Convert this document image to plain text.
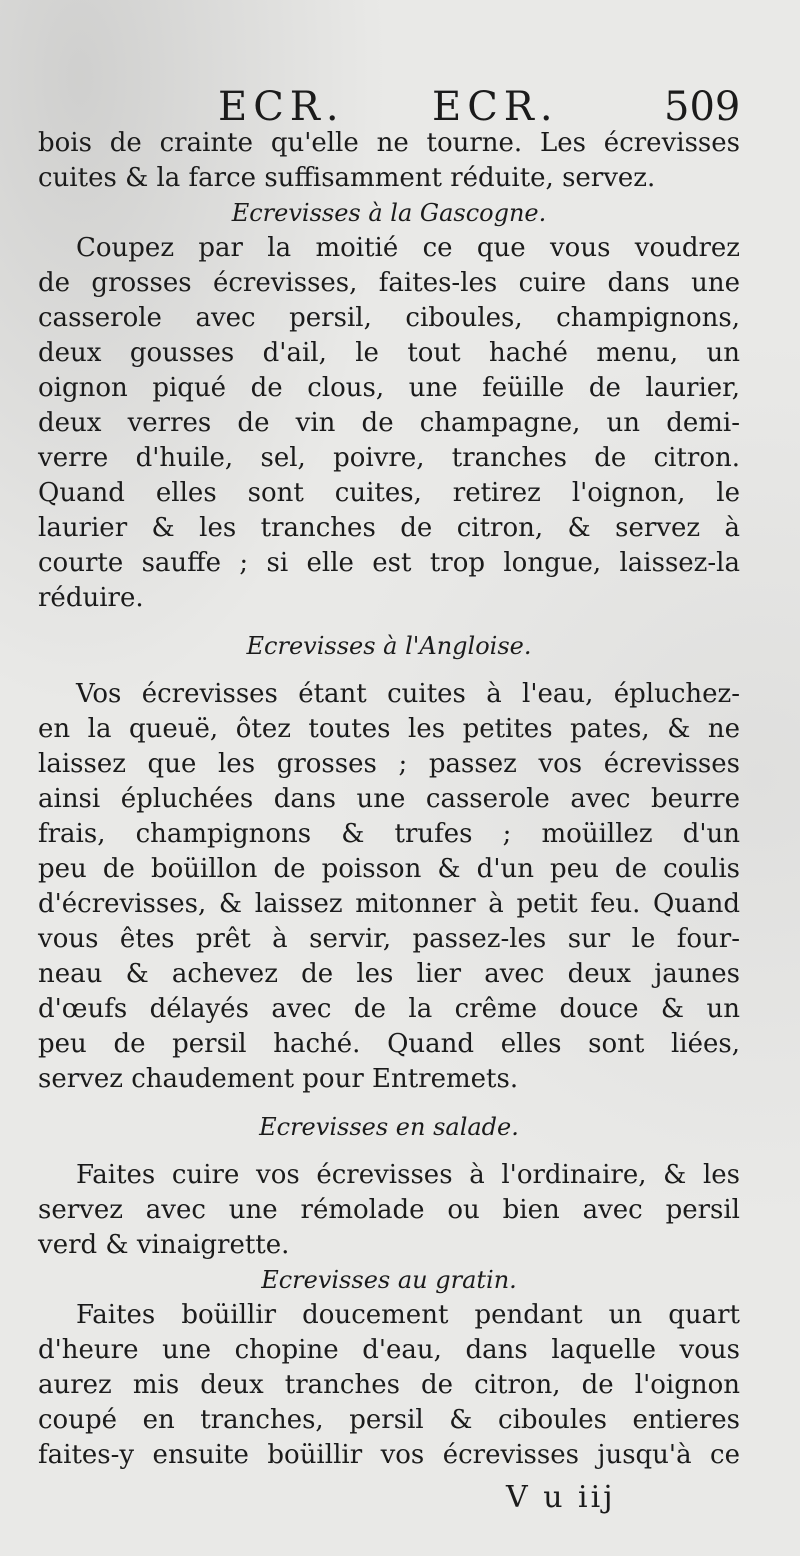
ECR. ECR.	509
bois de crainte qu'elle ne tourne. Les écrevisses
cuites & la farce suffisamment réduite, servez.
Ecrevisses à la Gascogne.
Coupez par la moitié ce que vous voudrez
de grosses écrevisses, faites-les cuire dans une
casserole avec persil, ciboules, champignons,
deux gousses d'ail, le tout haché menu, un
oignon piqué de clous, une feüille de laurier,
deux verres de vin de champagne, un demi-
verre d'huile, sel, poivre, tranches de citron.
Quand elles sont cuites, retirez l'oignon, le
laurier & les tranches de citron, & servez à
courte sauffe ; si elle est trop longue, laissez-la
réduire.
Ecrevisses à l'Angloise.
Vos écrevisses étant cuites à l'eau, épluchez-
en la queuë, ôtez toutes les petites pates, & ne
laissez que les grosses ; passez vos écrevisses
ainsi épluchées dans une casserole avec beurre
frais, champignons & trufes ; moüillez d'un
peu de boüillon de poisson & d'un peu de coulis
d'écrevisses, & laissez mitonner à petit feu. Quand
vous êtes prêt à servir, passez-les sur le four-
neau & achevez de les lier avec deux jaunes
d'œufs délayés avec de la crême douce & un
peu de persil haché. Quand elles sont liées,
servez chaudement pour Entremets.
Ecrevisses en salade.
Faites cuire vos écrevisses à l'ordinaire, & les
servez avec une rémolade ou bien avec persil
verd & vinaigrette.
Ecrevisses au gratin.
Faites boüillir doucement pendant un quart
d'heure une chopine d'eau, dans laquelle vous
aurez mis deux tranches de citron, de l'oignon
coupé en tranches, persil & ciboules entieres
faites-y ensuite boüillir vos écrevisses jusqu'à ce
V u iij
